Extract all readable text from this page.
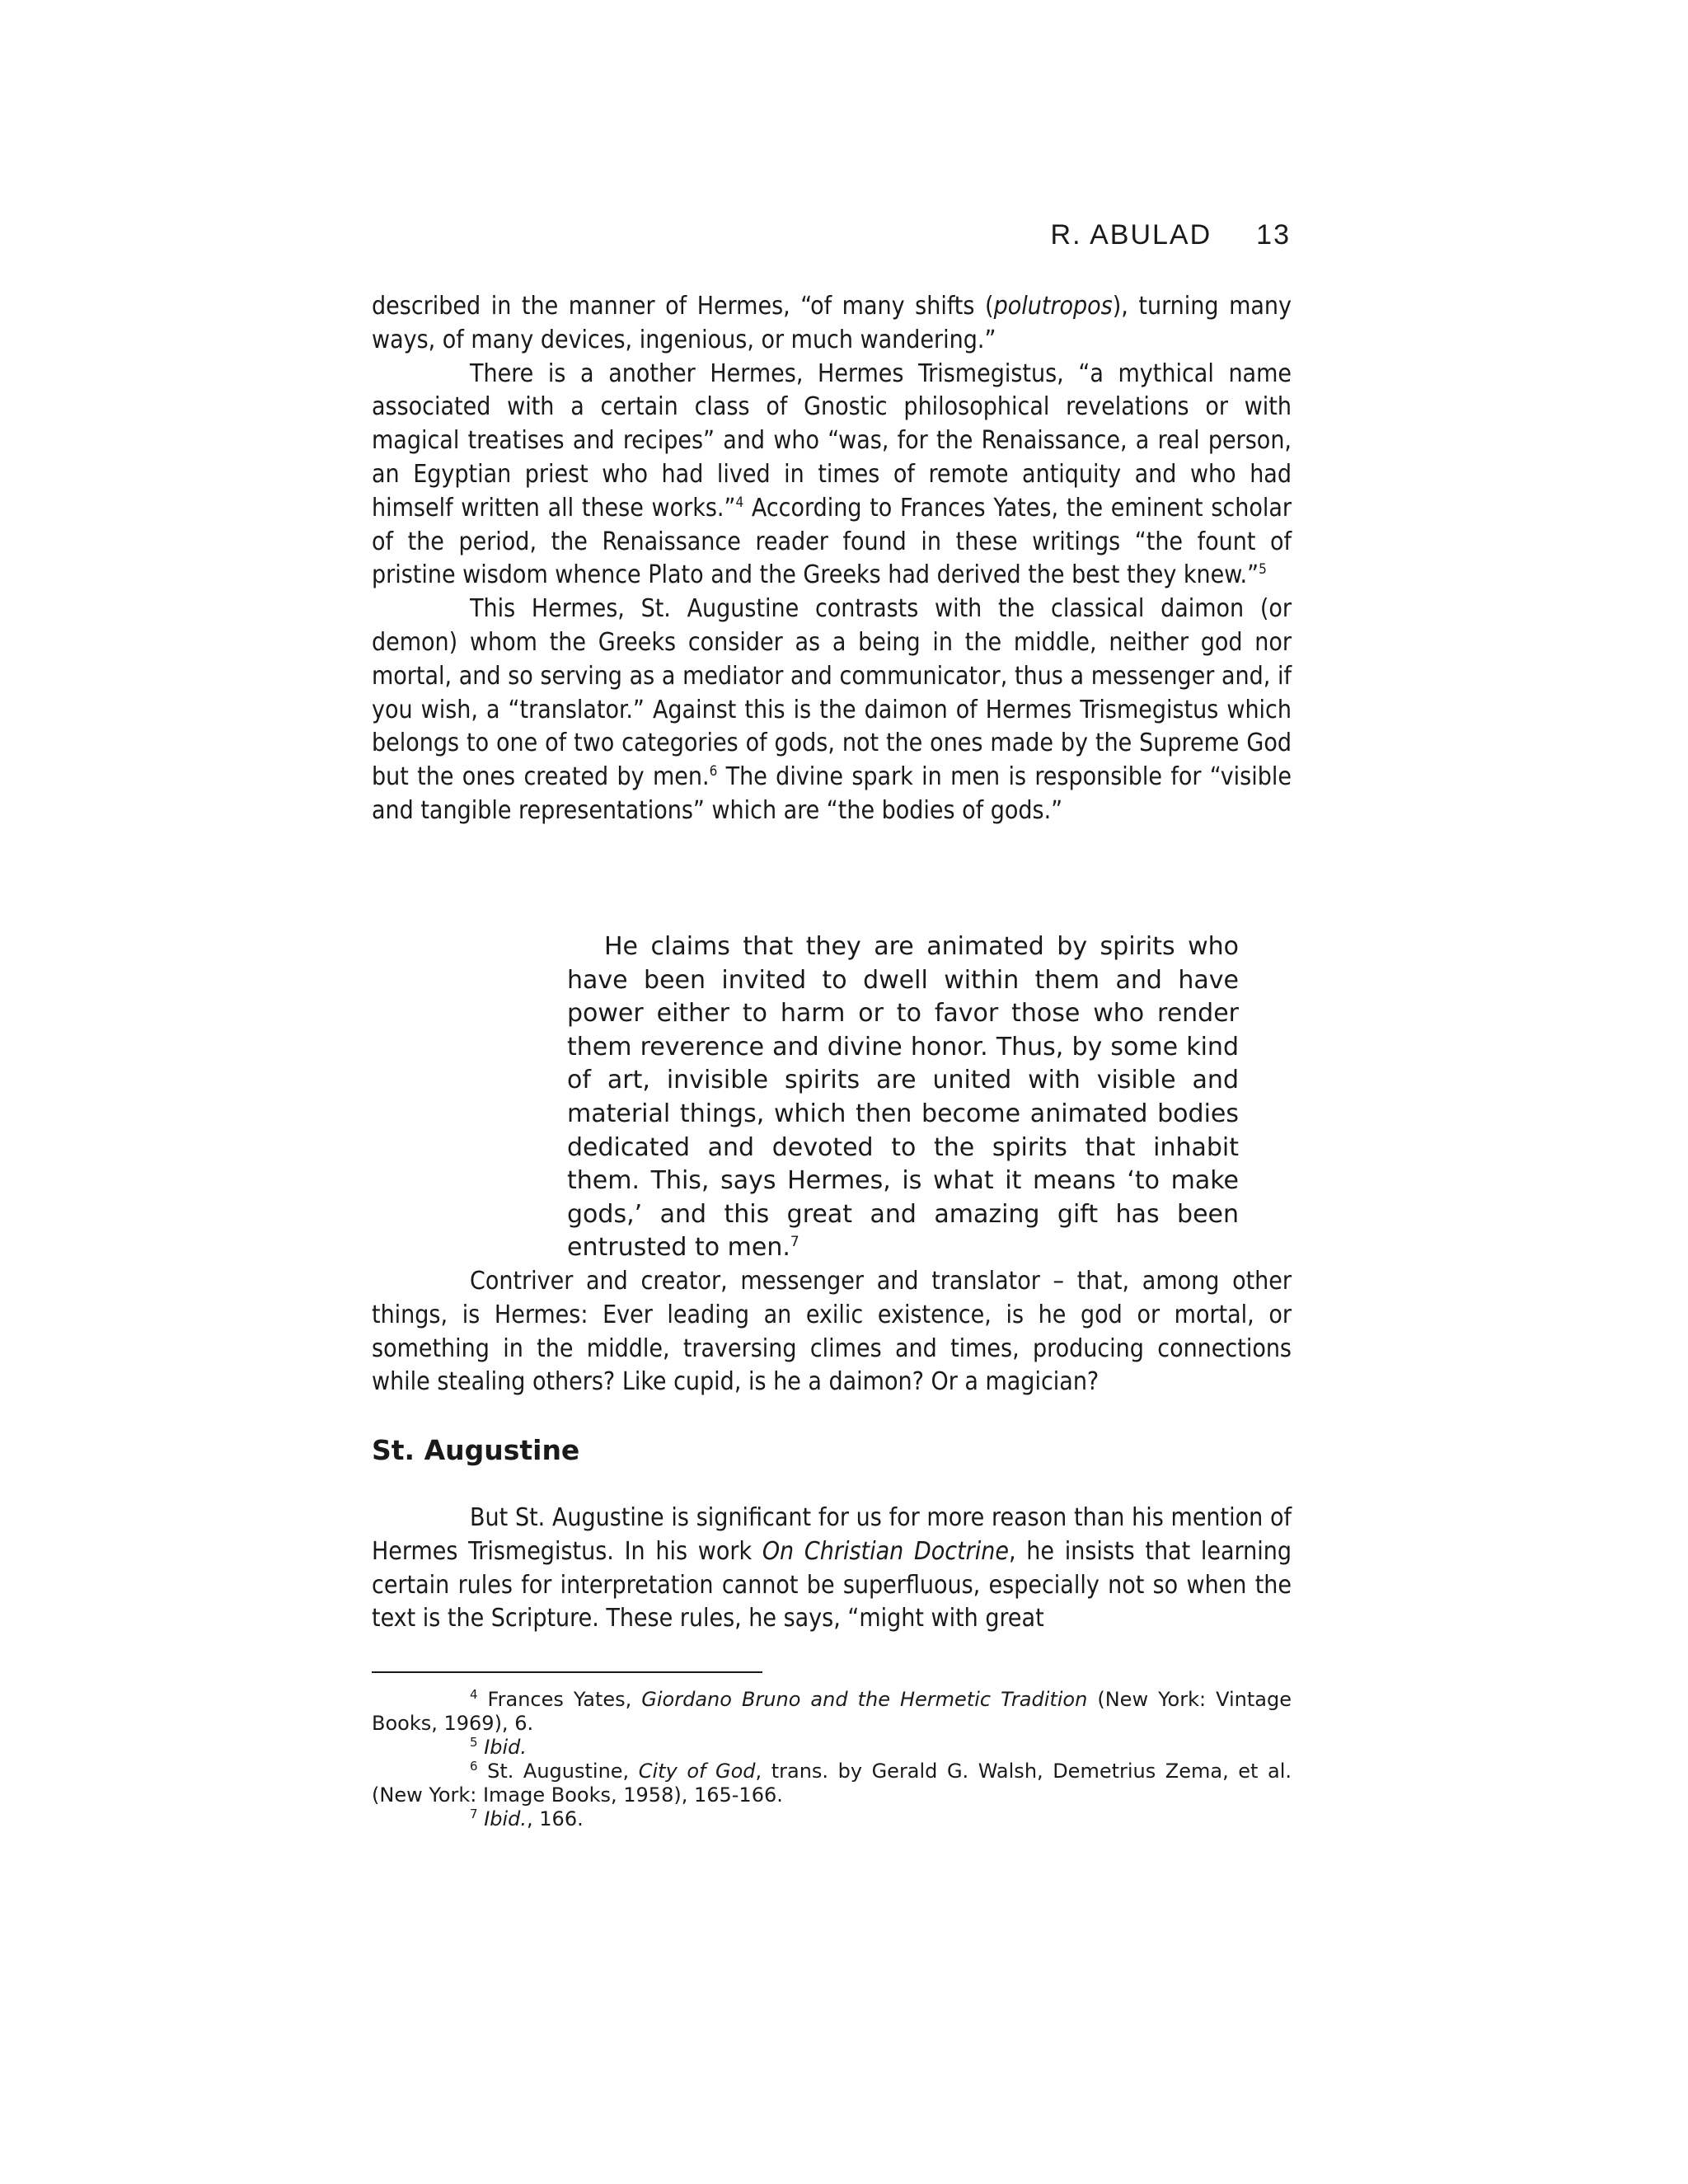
R. ABULAD 13

described in the manner of Hermes, “of many shifts (polutropos), turning many ways, of many devices, ingenious, or much wandering.”

There is a another Hermes, Hermes Trismegistus, “a mythical name associated with a certain class of Gnostic philosophical revelations or with magical treatises and recipes” and who “was, for the Renaissance, a real person, an Egyptian priest who had lived in times of remote antiquity and who had himself written all these works.”$^4$ According to Frances Yates, the eminent scholar of the period, the Renaissance reader found in these writings “the fount of pristine wisdom whence Plato and the Greeks had derived the best they knew.”$^5$

This Hermes, St. Augustine contrasts with the classical daimon (or demon) whom the Greeks consider as a being in the middle, neither god nor mortal, and so serving as a mediator and communicator, thus a messenger and, if you wish, a “translator.” Against this is the daimon of Hermes Trismegistus which belongs to one of two categories of gods, not the ones made by the Supreme God but the ones created by men.$^6$ The divine spark in men is responsible for “visible and tangible representations” which are “the bodies of gods.”

He claims that they are animated by spirits who have been invited to dwell within them and have power either to harm or to favor those who render them reverence and divine honor. Thus, by some kind of art, invisible spirits are united with visible and material things, which then become animated bodies dedicated and devoted to the spirits that inhabit them. This, says Hermes, is what it means ‘to make gods,’ and this great and amazing gift has been entrusted to men.$^7$

Contriver and creator, messenger and translator – that, among other things, is Hermes: Ever leading an exilic existence, is he god or mortal, or something in the middle, traversing climes and times, producing connections while stealing others? Like cupid, is he a daimon? Or a magician?

St. Augustine

But St. Augustine is significant for us for more reason than his mention of Hermes Trismegistus. In his work On Christian Doctrine, he insists that learning certain rules for interpretation cannot be superfluous, especially not so when the text is the Scripture. These rules, he says, “might with great

$^4$ Frances Yates, Giordano Bruno and the Hermetic Tradition (New York: Vintage Books, 1969), 6.

$^5$ Ibid.

$^6$ St. Augustine, City of God, trans. by Gerald G. Walsh, Demetrius Zema, et al. (New York: Image Books, 1958), 165-166.

$^7$ Ibid., 166.
